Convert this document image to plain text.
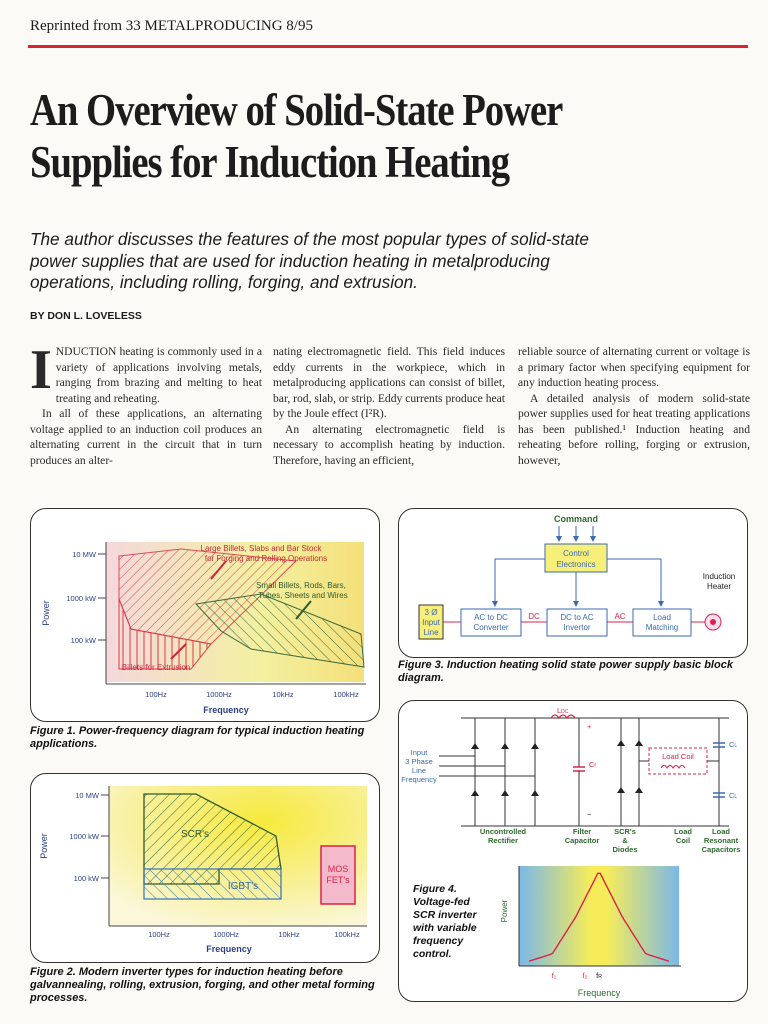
Reprinted from 33 METALPRODUCING 8/95
An Overview of Solid-State Power
Supplies for Induction Heating
The author discusses the features of the most popular types of solid-state
power supplies that are used for induction heating in metalproducing
operations, including rolling, forging, and extrusion.
BY DON L. LOVELESS

INDUCTION heating is commonly used in a variety of applications involving metals, ranging from brazing and melting to heat treating and reheating.

In all of these applications, an alternating voltage applied to an induction coil produces an alternating current in the circuit that in turn produces an alter-

nating electromagnetic field. This field induces eddy currents in the workpiece, which in metalproducing applications can consist of billet, bar, rod, slab, or strip. Eddy currents produce heat by the Joule effect (I²R).

An alternating electromagnetic field is necessary to accomplish heating by induction. Therefore, having an efficient,

reliable source of alternating current or voltage is a primary factor when specifying equipment for any induction heating process.

A detailed analysis of modern solid-state power supplies used for heat treating applications has been published.¹ Induction heating and reheating before rolling, forging or extrusion, however,

100Hz	1000Hz	10kHz	100kHz
10 MW
1000 kW
100 kW
Large Billets, Slabs and Bar Stock
for Forging and Rolling Operations
Small Billets, Rods, Bars,
Tubes, Sheets and Wires
Billets for Extrusion
Frequency
Power
Figure 1. Power-frequency diagram for typical induction heating applications.
100Hz	1000Hz	10kHz	100kHz
10 MW
1000 kW
100 kW
SCR's
IGBT's
MOS
FET's
Frequency
Power
Figure 2. Modern inverter types for induction heating before galvannealing, rolling, extrusion, forging, and other metal forming processes.
Command
Control
Electronics
3 Ø
Input
Line
AC to DC
Converter
DC	DC to AC
Invertor
AC	Load
Matching
Induction
Heater
Figure 3. Induction heating solid state power supply basic block diagram.
Input
3 Phase
Line
Frequency
LDC
+
−
Cf
Load Coil
CL
CL
Uncontrolled
Rectifier
Filter
Capacitor
SCR's
&
Diodes
Load
Coil
Load
Resonant
Capacitors
Figure 4.
Voltage-fed
SCR inverter
with variable
frequency
control.
f₁	f₂ fR
Frequency
Power
